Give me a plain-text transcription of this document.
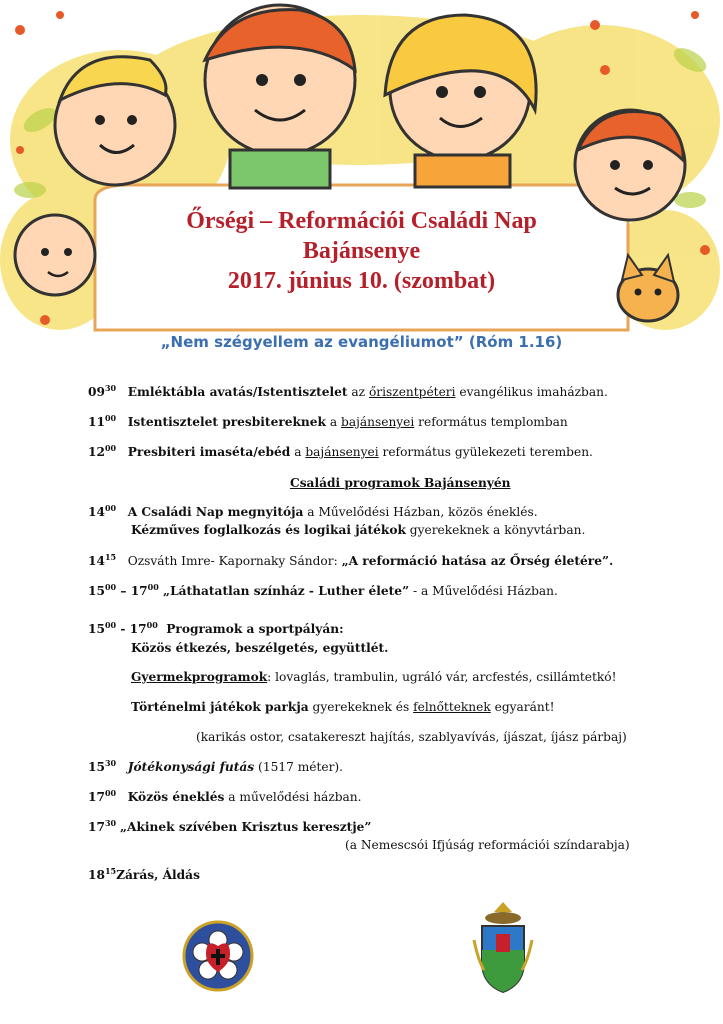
Őrségi – Reformációi Családi Nap
Bajánsenye
2017. június 10. (szombat)
„Nem szégyellem az evangéliumot” (Róm 1.16)
$09^{30}$ Emléktábla avatás/Istentisztelet az őriszentpéteri evangélikus imaházban.
$11^{00}$ Istentisztelet presbitereknek a bajánsenyei református templomban
$12^{00}$ Presbiteri imaséta/ebéd a bajánsenyei református gyülekezeti teremben.
Családi programok Bajánsenyén
$14^{00}$ A Családi Nap megnyitója a Művelődési Házban, közös éneklés.
Kézműves foglalkozás és logikai játékok gyerekeknek a könyvtárban.
$14^{15}$ Ozsváth Imre- Kapornaky Sándor: „A reformáció hatása az Őrség életére”.
$15^{00} - 17^{00}$ „Láthatatlan színház - Luther élete” - a Művelődési Házban.
$15^{00} - 17^{00}$  Programok a sportpályán:
Közös étkezés, beszélgetés, együttlét.
Gyermekprogramok: lovaglás, trambulin, ugráló vár, arcfestés, csillámtetkó!
Történelmi játékok parkja gyerekeknek és felnőtteknek egyaránt!
(karikás ostor, csatakereszt hajítás, szablyavívás, íjászat, íjász párbaj)
$15^{30}$ Jótékonysági futás (1517 méter).
$17^{00}$ Közös éneklés a művelődési házban.
$17^{30}$ „Akinek szívében Krisztus keresztje”
(a Nemescsói Ifjúság reformációi színdarabja)
$18^{15}Zárás$, Áldás
